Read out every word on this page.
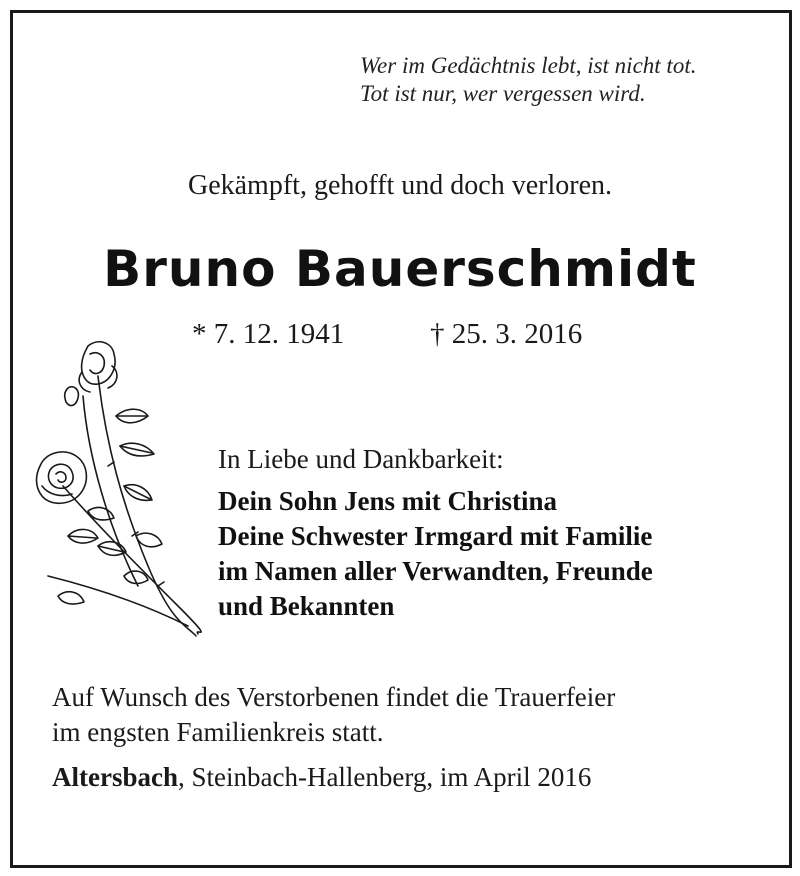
Wer im Gedächtnis lebt, ist nicht tot.
Tot ist nur, wer vergessen wird.
Gekämpft, gehofft und doch verloren.
Bruno Bauerschmidt
* 7. 12. 1941	† 25. 3. 2016
In Liebe und Dankbarkeit:
Dein Sohn Jens mit Christina
Deine Schwester Irmgard mit Familie
im Namen aller Verwandten, Freunde
und Bekannten
Auf Wunsch des Verstorbenen findet die Trauerfeier
im engsten Familienkreis statt.
Altersbach, Steinbach-Hallenberg, im April 2016
